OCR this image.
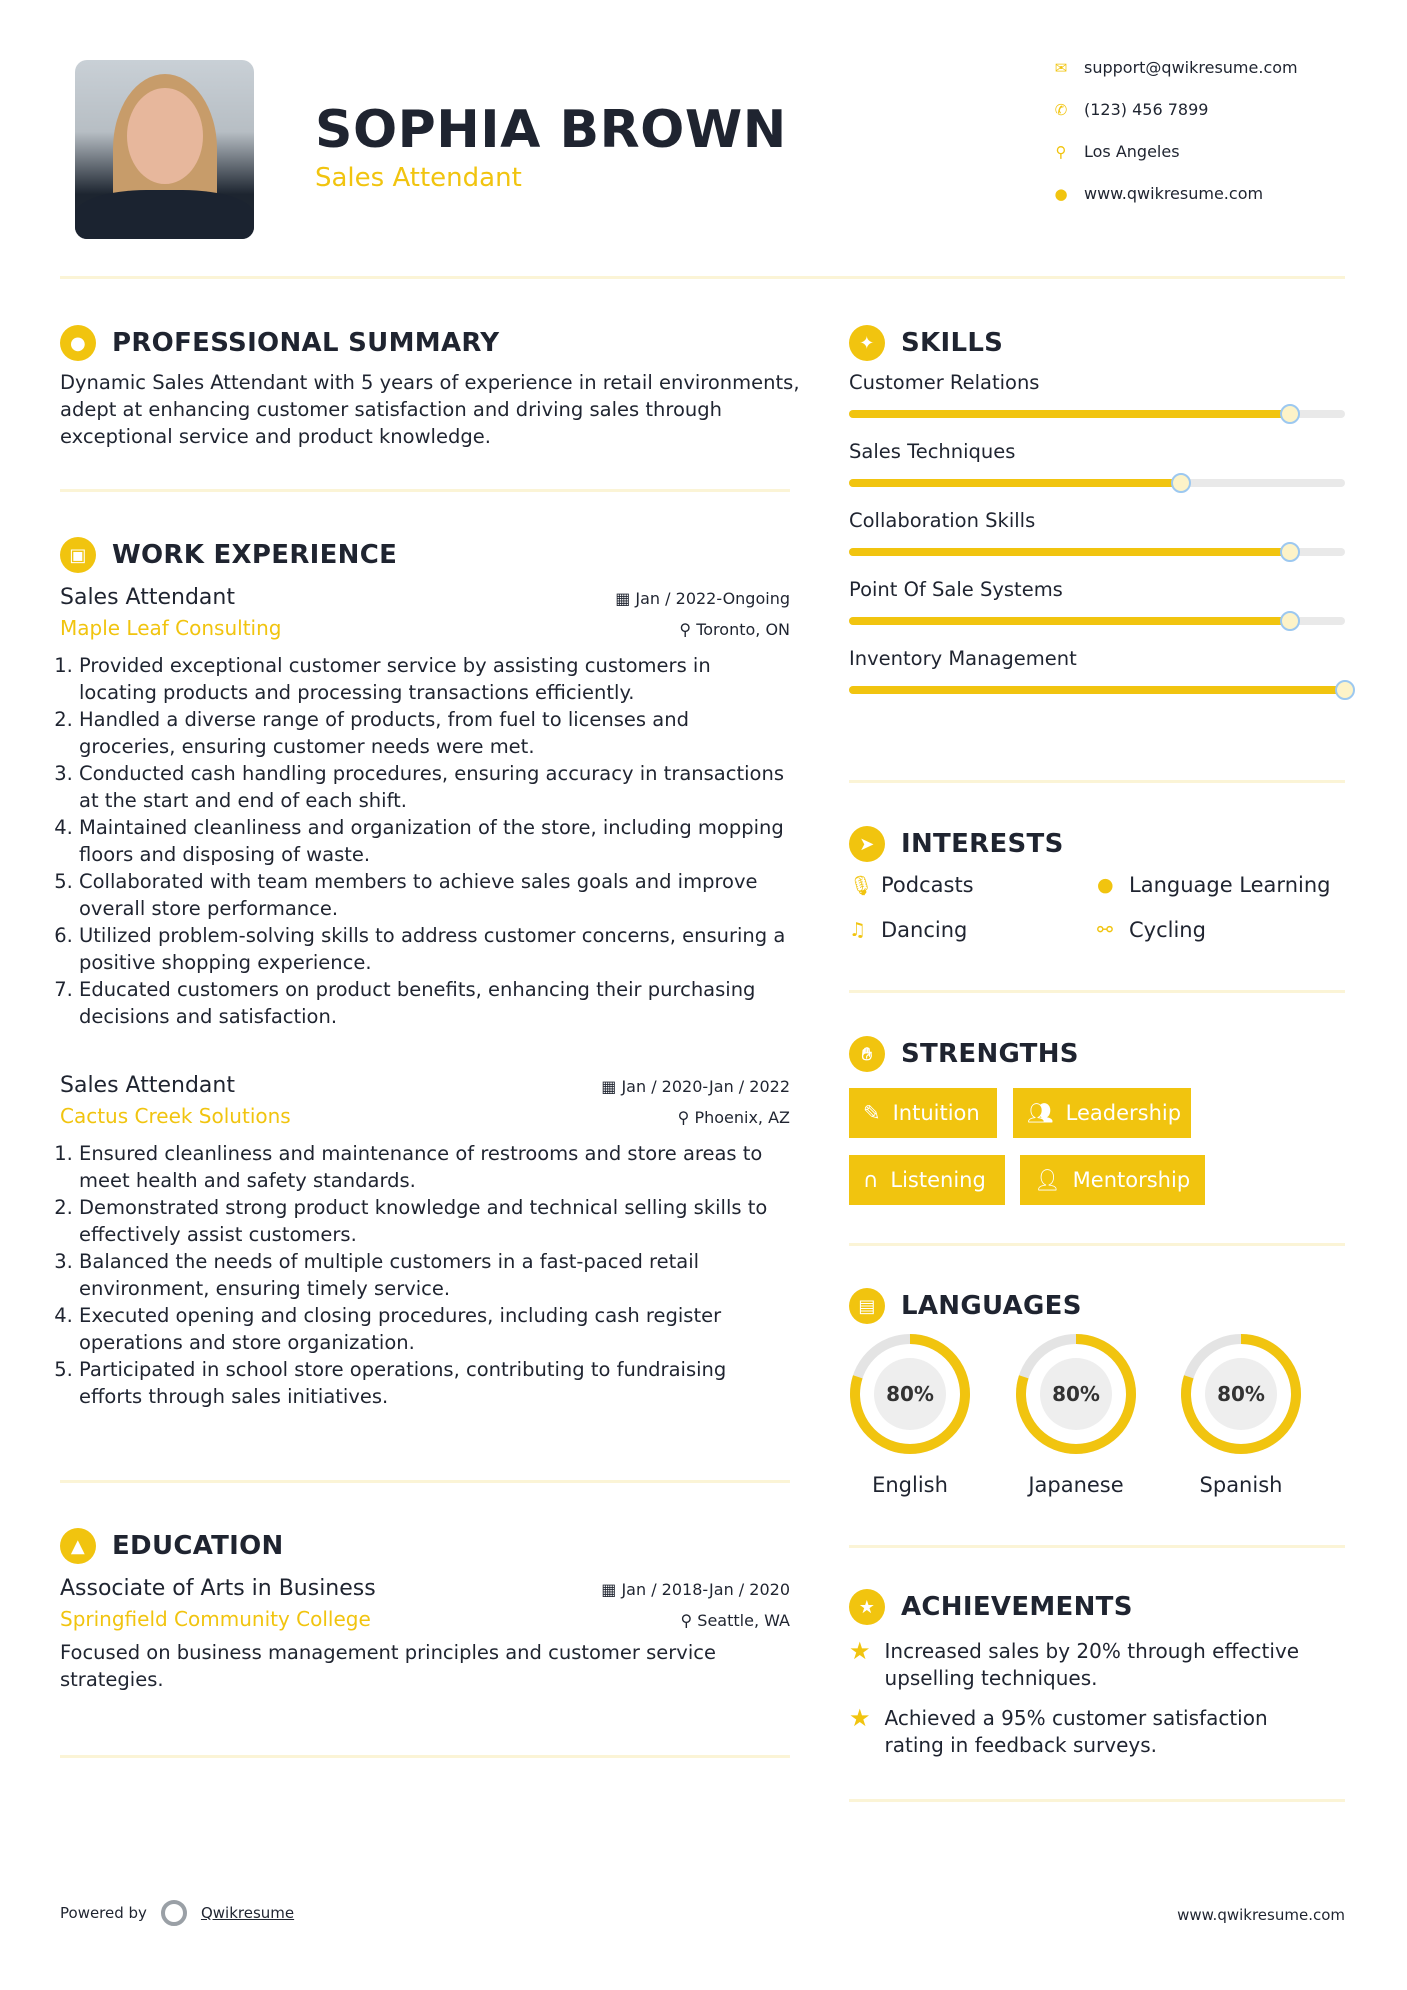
SOPHIA BROWN
Sales Attendant
✉ support@qwikresume.com
✆ (123) 456 7899
⚲ Los Angeles
● www.qwikresume.com
●	PROFESSIONAL SUMMARY
Dynamic Sales Attendant with 5 years of experience in retail environments, adept at enhancing customer satisfaction and driving sales through exceptional service and product knowledge.
▣ WORK EXPERIENCE
Sales Attendant	▦ Jan / 2022-Ongoing
Maple Leaf Consulting	⚲ Toronto, ON
1. Provided exceptional customer service by assisting customers in locating products and processing transactions efficiently.
2. Handled a diverse range of products, from fuel to licenses and groceries, ensuring customer needs were met.
3. Conducted cash handling procedures, ensuring accuracy in transactions at the start and end of each shift.
4. Maintained cleanliness and organization of the store, including mopping floors and disposing of waste.
5. Collaborated with team members to achieve sales goals and improve overall store performance.
6. Utilized problem-solving skills to address customer concerns, ensuring a positive shopping experience.
7. Educated customers on product benefits, enhancing their purchasing decisions and satisfaction.
Sales Attendant	▦ Jan / 2020-Jan / 2022
Cactus Creek Solutions	⚲ Phoenix, AZ
1. Ensured cleanliness and maintenance of restrooms and store areas to meet health and safety standards.
2. Demonstrated strong product knowledge and technical selling skills to effectively assist customers.
3. Balanced the needs of multiple customers in a fast-paced retail environment, ensuring timely service.
4. Executed opening and closing procedures, including cash register operations and store organization.
5. Participated in school store operations, contributing to fundraising efforts through sales initiatives.
▲	EDUCATION
Associate of Arts in Business	▦ Jan / 2018-Jan / 2020
Springfield Community College	⚲ Seattle, WA
Focused on business management principles and customer service strategies.
✦	SKILLS
Customer Relations
Sales Techniques
Collaboration Skills
Point Of Sale Systems
Inventory Management
➤	INTERESTS
🎙︎ Podcasts	● Language Learning
♫ Dancing	⚯ Cycling
✋︎	STRENGTHS
✎ Intuition 👥︎ Leadership
∩ Listening 👤︎ Mentorship
▤ LANGUAGES
80%
English
80%
Japanese
80%
Spanish
★ ACHIEVEMENTS
★ Increased sales by 20% through effective upselling techniques.
★ Achieved a 95% customer satisfaction rating in feedback surveys.
Powered by	Qwikresume	www.qwikresume.com
